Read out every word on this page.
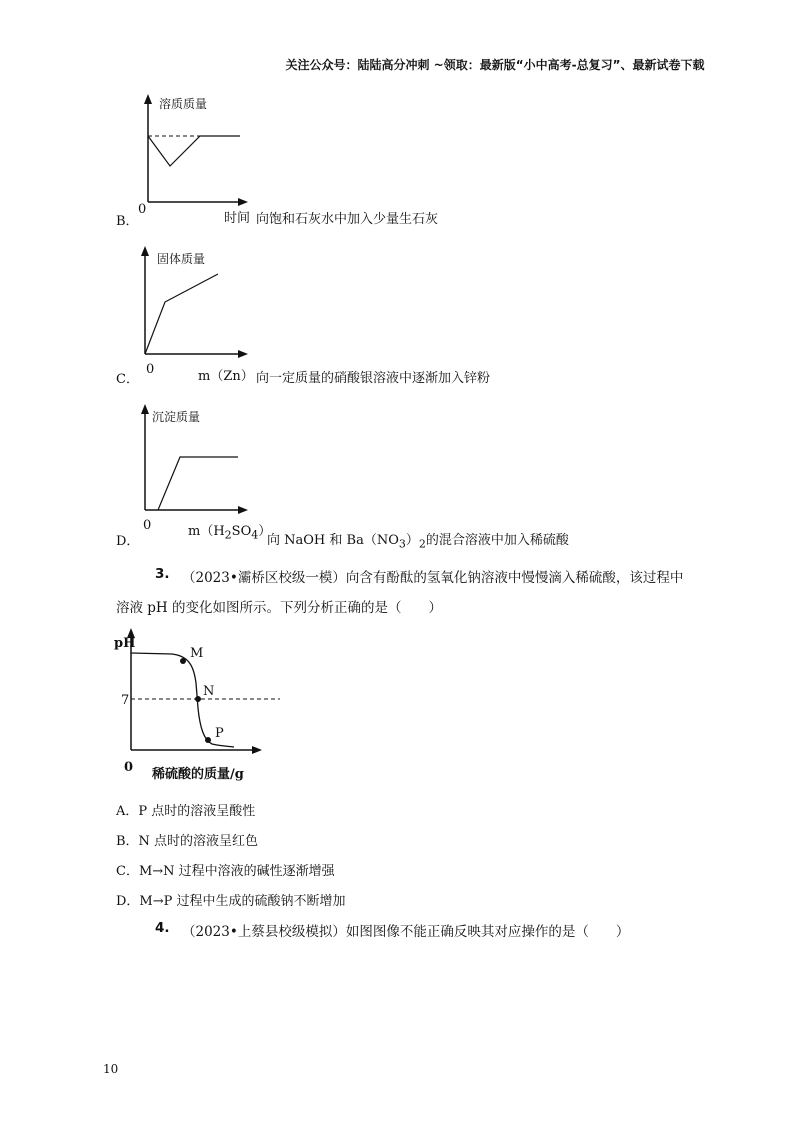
关注公众号：陆陆高分冲刺 ~领取：最新版“小中高考-总复习”、最新试卷下载
溶质质量
0
B．	时间 向饱和石灰水中加入少量生石灰
固体质量
0
C．	m（Zn） 向一定质量的硝酸银溶液中逐渐加入锌粉
沉淀质量
0
D．
$m(H_2SO_4)$
向 NaOH 和 $Ba(NO_3)_2$的混合溶液中加入稀硫酸
3. （2023•灞桥区校级一模）向含有酚酞的氢氧化钠溶液中慢慢滴入稀硫酸，该过程中
溶液 pH 的变化如图所示。下列分析正确的是（　　）
pH
7
M
N
P
0 稀硫酸的质量/g
A．P 点时的溶液呈酸性
B．N 点时的溶液呈红色
C．M→N 过程中溶液的碱性逐渐增强
D．M→P 过程中生成的硫酸钠不断增加
4. （2023•上蔡县校级模拟）如图图像不能正确反映其对应操作的是（　　）
10
